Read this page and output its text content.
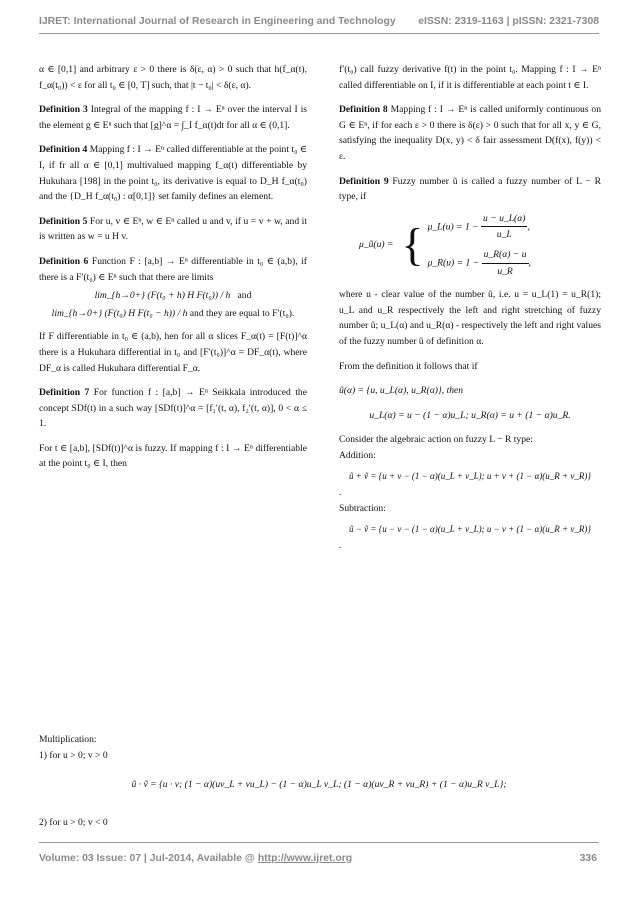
IJRET: International Journal of Research in Engineering and Technology eISSN: 2319-1163 | pISSN: 2321-7308

α ∈ [0,1] and arbitrary ε > 0 there is δ(ε, α) > 0 such that h(f_α(t), f_α(t₀)) < ε for all t₀ ∈ [0, T] such, that |t − t₀| < δ(ε, α).

Definition 3 Integral of the mapping f : I → Eⁿ over the interval I is the element g ∈ Eⁿ such that [g]^α = ∫_I f_α(t)dt for all α ∈ (0,1].

Definition 4 Mapping f : I → Eⁿ called differentiable at the point t₀ ∈ I, if fr all α ∈ [0,1] multivalued mapping f_α(t) differentiable by Hukuhara [198] in the point t₀, its derivative is equal to D_H f_α(t₀) and the {D_H f_α(t₀) : α[0,1]} set family defines an element.

Definition 5 For u, v ∈ Eⁿ, w ∈ Eⁿ called u and v, if u = v + w, and it is written as w = u H v.

Definition 6 Function F : [a,b] → Eⁿ differentiable in t₀ ∈ (a,b), if there is a F′(t₀) ∈ Eⁿ such that there are limits

lim_{h→0+} (F(t₀ + h) H F(t₀)) / h and
lim_{h→0+} (F(t₀) H F(t₀ − h)) / h and they are equal to F′(t₀).

If F differentiable in t₀ ∈ (a,b), hen for all α slices F_α(t) = [F(t)]^α there is a Hukuhara differential in t₀ and [F′(t₀)]^α = DF_α(t), where DF_α is called Hukuhara differential F_α.

Definition 7 For function f : [a,b] → Eⁿ Seikkala introduced the concept SDf(t) in a such way [SDf(t)]^α = [f₁′(t, α), f₂′(t, α)], 0 < α ≤ 1.

For t ∈ [a,b], [SDf(t)]^α is fuzzy. If mapping f : I → Eⁿ differentiable at the point t₀ ∈ I, then

f′(t₀) call fuzzy derivative f(t) in the point t₀. Mapping f : I → Eⁿ called differentiable on I, if it is differentiable at each point t ∈ I.

Definition 8 Mapping f : I → Eⁿ is called uniformly continuous on G ∈ Eⁿ, if for each ε > 0 there is δ(ε) > 0 such that for all x, y ∈ G, satisfying the inequality D(x, y) < δ fair assessment D(f(x), f(y)) < ε.

Definition 9 Fuzzy number ũ is called a fuzzy number of L − R type, if

μ_ũ(u) = { μ_L(u) = $1 - \frac{u - u\_L(\alpha)}{u\_L}$ ,
μ_R(u) = $1 - \frac{u\_R(\alpha) - u}{u\_R}$ ,

where u - clear value of the number ũ, i.e. u = u_L(1) = u_R(1); u_L and u_R respectively the left and right stretching of fuzzy number ũ; u_L(α) and u_R(α) - respectively the left and right values of the fuzzy number ũ of definition α.

From the definition it follows that if

ũ(α) = {u, u_L(α), u_R(α)}, then
u_L(α) = u − (1 − α)u_L; u_R(α) = u + (1 − α)u_R.

Consider the algebraic action on fuzzy L − R type:
Addition:

ũ + ṽ = {u + v − (1 − α)(u_L + v_L); u + v + (1 − α)(u_R + v_R)}
.
Subtraction:
ũ − ṽ = {u − v − (1 − α)(u_L + v_L); u − v + (1 − α)(u_R + v_R)}
.
Multiplication:
1) for u > 0; v > 0
ũ · ṽ = {u · v; (1 − α)(uv_L + vu_L) − (1 − α)u_L v_L; (1 − α)(uv_R + vu_R) + (1 − α)u_R v_L};
2) for u > 0; v < 0
Volume: 03 Issue: 07 | Jul-2014, Available @ http://www.ijret.org	336
